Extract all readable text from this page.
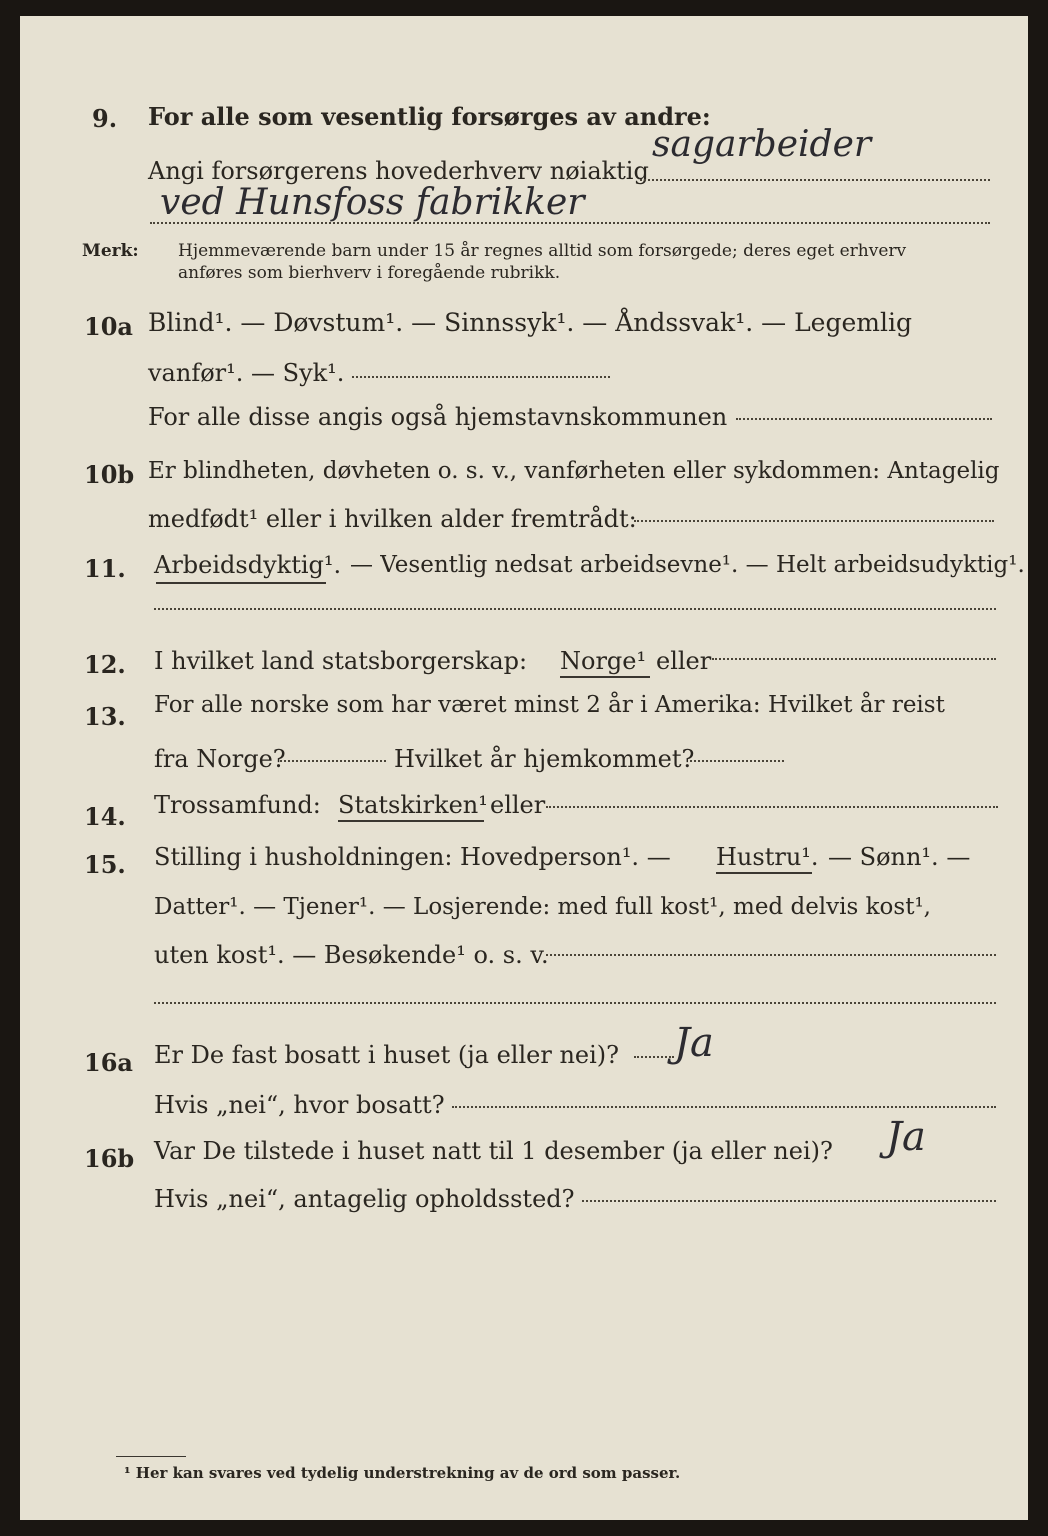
9. For alle som vesentlig forsørges av andre:
Angi forsørgerens hovederhverv nøiaktig
sagarbeider
ved Hunsfoss fabrikker
Merk: Hjemmeværende barn under 15 år regnes alltid som forsørgede; deres eget erhverv
anføres som bierhverv i foregående rubrikk.
10a Blind¹. — Døvstum¹. — Sinnssyk¹. — Åndssvak¹. — Legemlig
vanfør¹. — Syk¹.
For alle disse angis også hjemstavnskommunen
10b Er blindheten, døvheten o. s. v., vanførheten eller sykdommen: Antagelig
medfødt¹ eller i hvilken alder fremtrådt:
11. Arbeidsdyktig¹. — Vesentlig nedsat arbeidsevne¹. — Helt arbeidsudyktig¹.
12. I hvilket land statsborgerskap: Norge¹ eller
13. For alle norske som har været minst 2 år i Amerika: Hvilket år reist
fra Norge?	Hvilket år hjemkommet?
14. Trossamfund: Statskirken¹ eller
15. Stilling i husholdningen: Hovedperson¹. — Hustru¹. — Sønn¹. —
Datter¹. — Tjener¹. — Losjerende: med full kost¹, med delvis kost¹,
uten kost¹. — Besøkende¹ o. s. v.
16a Er De fast bosatt i huset (ja eller nei)? Ja
Hvis „nei“, hvor bosatt?
16b Var De tilstede i huset natt til 1 desember (ja eller nei)? Ja
Hvis „nei“, antagelig opholdssted?
¹ Her kan svares ved tydelig understrekning av de ord som passer.
